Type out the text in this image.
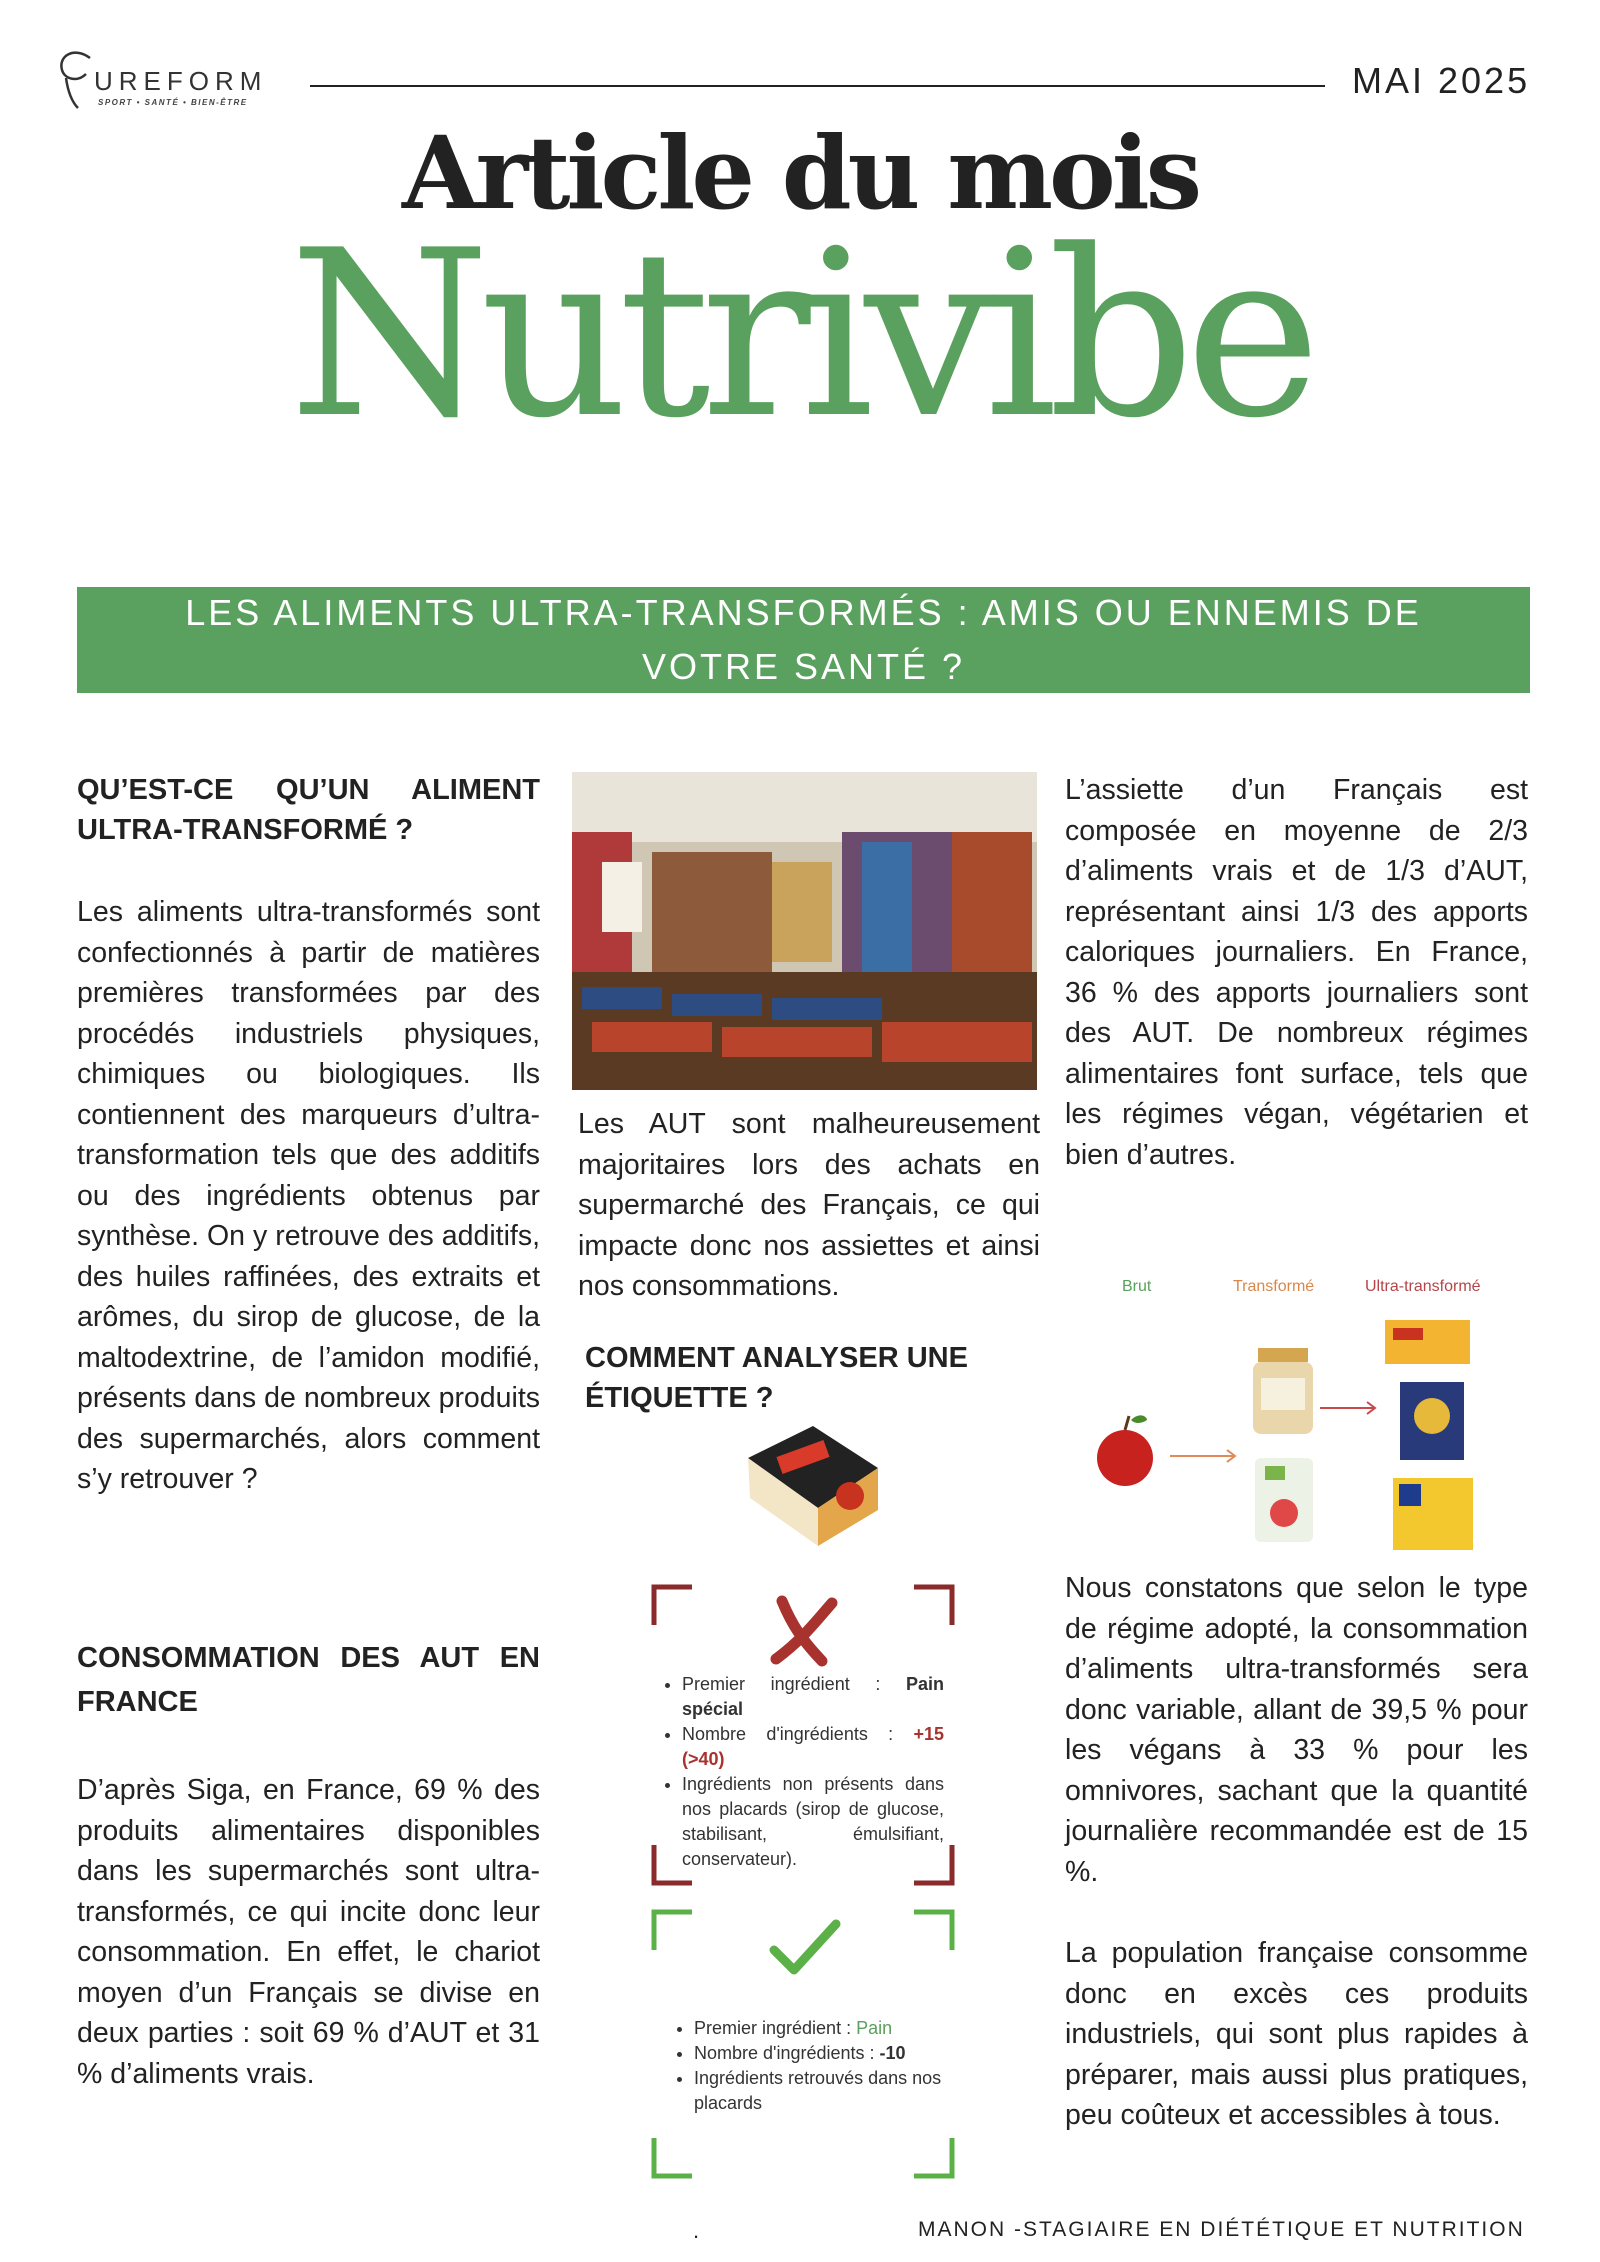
UREFORM
SPORT • SANTÉ • BIEN-ÊTRE
MAI 2025
Article du mois
Nutrivibe
LES ALIMENTS ULTRA-TRANSFORMÉS : AMIS OU ENNEMIS DE
VOTRE SANTÉ ?
QU’EST-CE QU’UN ALIMENT ULTRA-TRANSFORMÉ ?
Les aliments ultra-transformés sont confectionnés à partir de matières premières transformées par des procédés industriels physiques, chimiques ou biologiques. Ils contiennent des marqueurs d’ultra-transformation tels que des additifs ou des ingrédients obtenus par synthèse. On y retrouve des additifs, des huiles raffinées, des extraits et arômes, du sirop de glucose, de la maltodextrine, de l’amidon modifié, présents dans de nombreux produits des supermarchés, alors comment s’y retrouver ?
CONSOMMATION DES AUT EN FRANCE
D’après Siga, en France, 69 % des produits alimentaires disponibles dans les supermarchés sont ultra-transformés, ce qui incite donc leur consommation. En effet, le chariot moyen d’un Français se divise en deux parties : soit 69 % d’AUT et 31 % d’aliments vrais.
Les AUT sont malheureusement majoritaires lors des achats en supermarché des Français, ce qui impacte donc nos assiettes et ainsi nos consommations.
COMMENT ANALYSER UNE ÉTIQUETTE ?
• Premier ingrédient : Pain spécial
• Nombre d'ingrédients : +15 (>40)
• Ingrédients non présents dans nos placards (sirop de glucose, stabilisant, émulsifiant, conservateur).
• Premier ingrédient : Pain
• Nombre d'ingrédients : -10
• Ingrédients retrouvés dans nos placards
L’assiette d’un Français est composée en moyenne de 2/3 d’aliments vrais et de 1/3 d’AUT, représentant ainsi 1/3 des apports caloriques journaliers. En France, 36 % des apports journaliers sont des AUT. De nombreux régimes alimentaires font surface, tels que les régimes végan, végétarien et bien d’autres.
Brut	Transformé	Ultra-transformé
Nous constatons que selon le type de régime adopté, la consommation d’aliments ultra-transformés sera donc variable, allant de 39,5 % pour les végans à 33 % pour les omnivores, sachant que la quantité journalière recommandée est de 15 %.
La population française consomme donc en excès ces produits industriels, qui sont plus rapides à préparer, mais aussi plus pratiques, peu coûteux et accessibles à tous.
.	MANON -STAGIAIRE EN DIÉTÉTIQUE ET NUTRITION
